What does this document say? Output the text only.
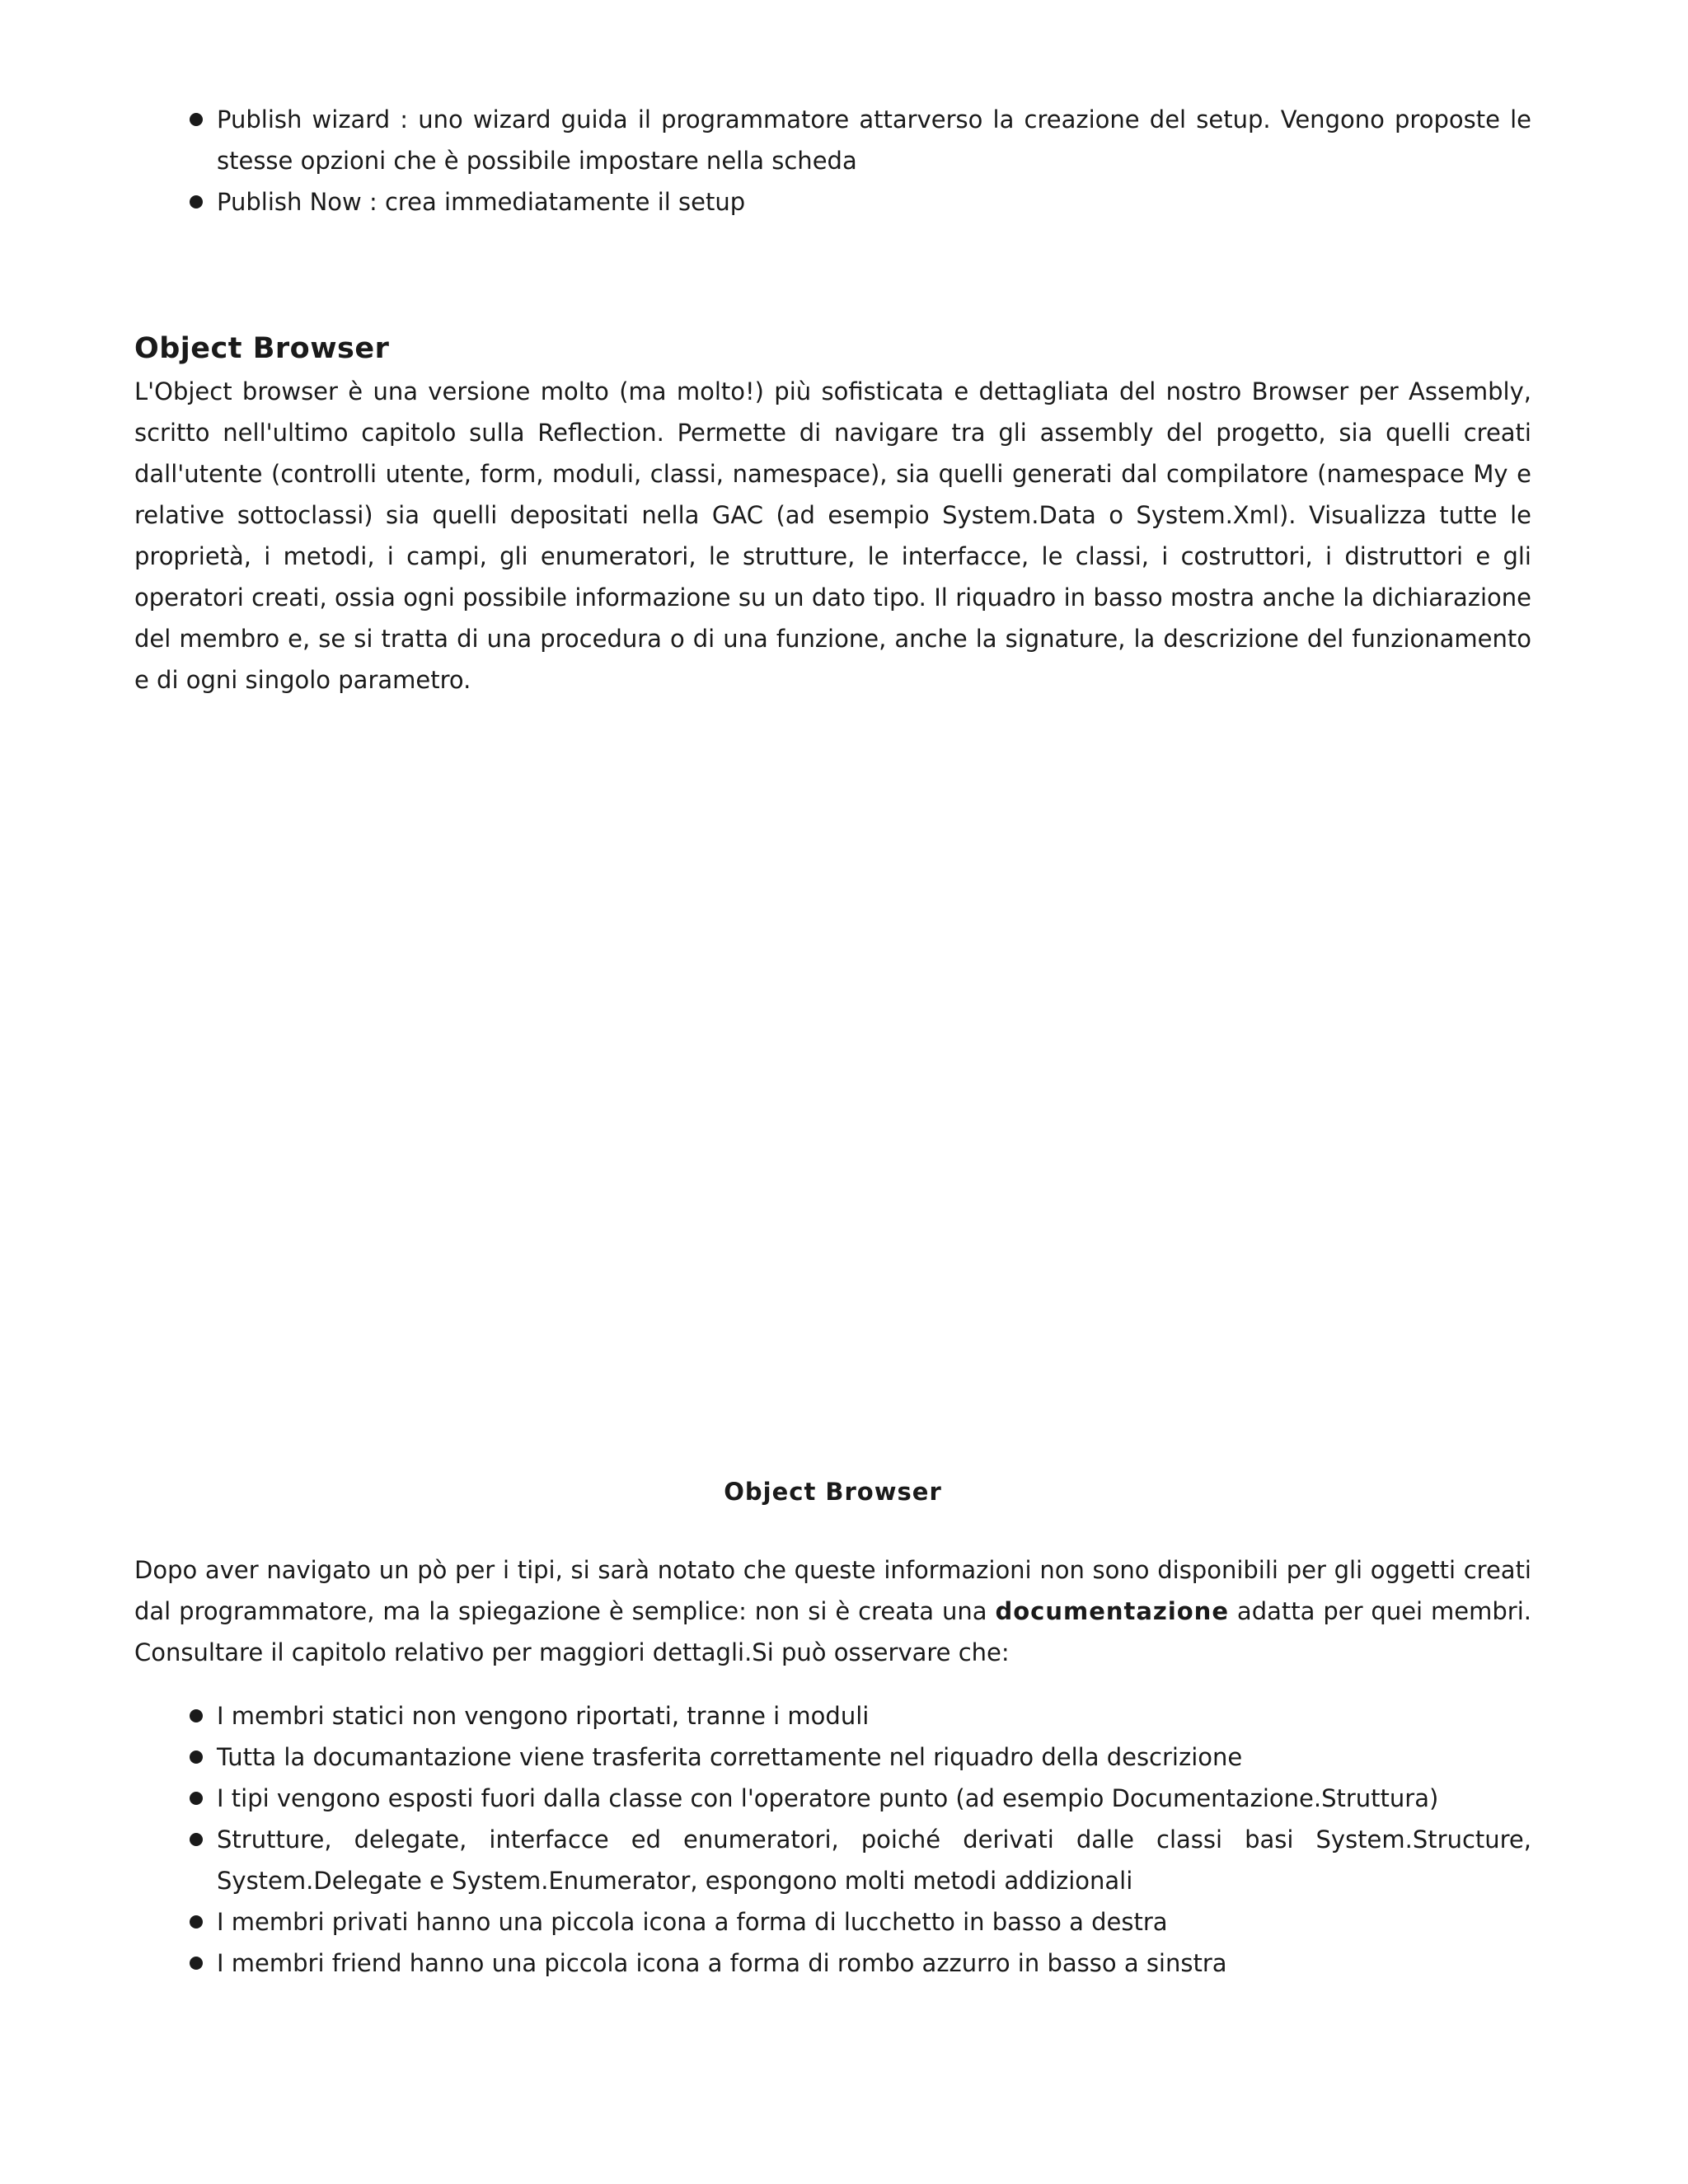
Publish wizard : uno wizard guida il programmatore attarverso la creazione del setup. Vengono proposte le stesse opzioni che è possibile impostare nella scheda
Publish Now : crea immediatamente il setup
Object Browser

L'Object browser è una versione molto (ma molto!) più sofisticata e dettagliata del nostro Browser per Assembly, scritto nell'ultimo capitolo sulla Reflection. Permette di navigare tra gli assembly del progetto, sia quelli creati dall'utente (controlli utente, form, moduli, classi, namespace), sia quelli generati dal compilatore (namespace My e relative sottoclassi) sia quelli depositati nella GAC (ad esempio System.Data o System.Xml). Visualizza tutte le proprietà, i metodi, i campi, gli enumeratori, le strutture, le interfacce, le classi, i costruttori, i distruttori e gli operatori creati, ossia ogni possibile informazione su un dato tipo. Il riquadro in basso mostra anche la dichiarazione del membro e, se si tratta di una procedura o di una funzione, anche la signature, la descrizione del funzionamento e di ogni singolo parametro.

Object Browser

Dopo aver navigato un pò per i tipi, si sarà notato che queste informazioni non sono disponibili per gli oggetti creati dal programmatore, ma la spiegazione è semplice: non si è creata una documentazione adatta per quei membri. Consultare il capitolo relativo per maggiori dettagli.Si può osservare che:

I membri statici non vengono riportati, tranne i moduli
Tutta la documantazione viene trasferita correttamente nel riquadro della descrizione
I tipi vengono esposti fuori dalla classe con l'operatore punto (ad esempio Documentazione.Struttura)
Strutture, delegate, interfacce ed enumeratori, poiché derivati dalle classi basi System.Structure, System.Delegate e System.Enumerator, espongono molti metodi addizionali
I membri privati hanno una piccola icona a forma di lucchetto in basso a destra
I membri friend hanno una piccola icona a forma di rombo azzurro in basso a sinstra
